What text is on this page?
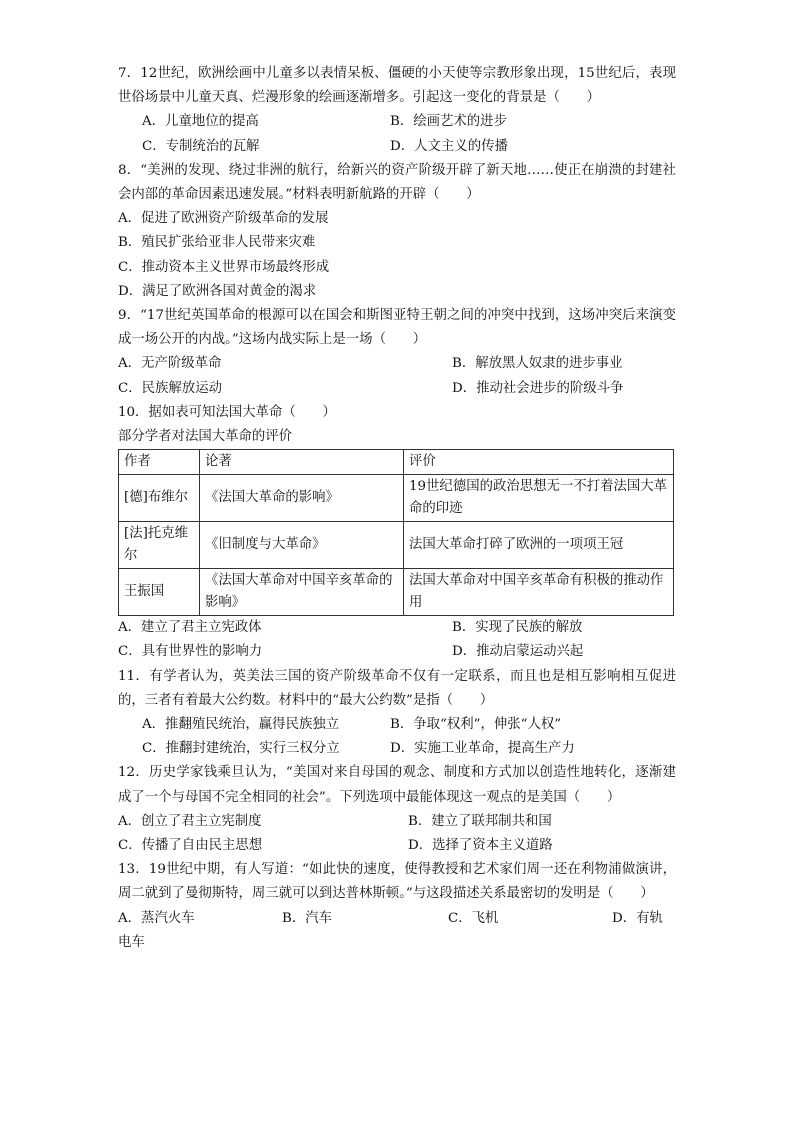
7．12世纪，欧洲绘画中儿童多以表情呆板、僵硬的小天使等宗教形象出现，15世纪后，表现世俗场景中儿童天真、烂漫形象的绘画逐渐增多。引起这一变化的背景是（　　）

A．儿童地位的提高	B．绘画艺术的进步
C．专制统治的瓦解	D．人文主义的传播

8．“美洲的发现、绕过非洲的航行，给新兴的资产阶级开辟了新天地……使正在崩溃的封建社会内部的革命因素迅速发展。”材料表明新航路的开辟（　　）

A．促进了欧洲资产阶级革命的发展

B．殖民扩张给亚非人民带来灾难

C．推动资本主义世界市场最终形成

D．满足了欧洲各国对黄金的渴求

9．“17世纪英国革命的根源可以在国会和斯图亚特王朝之间的冲突中找到，这场冲突后来演变成一场公开的内战。”这场内战实际上是一场（　　）

A．无产阶级革命	B．解放黑人奴隶的进步事业
C．民族解放运动	D．推动社会进步的阶级斗争

10．据如表可知法国大革命（　　）

部分学者对法国大革命的评价

作者	论著	评价
[德]布维尔	《法国大革命的影响》	19世纪德国的政治思想无一不打着法国大革命的印迹
[法]托克维尔	《旧制度与大革命》	法国大革命打碎了欧洲的一项项王冠
王振国	《法国大革命对中国辛亥革命的影响》	法国大革命对中国辛亥革命有积极的推动作用
A．建立了君主立宪政体	B．实现了民族的解放
C．具有世界性的影响力	D．推动启蒙运动兴起

11．有学者认为，英美法三国的资产阶级革命不仅有一定联系，而且也是相互影响相互促进的，三者有着最大公约数。材料中的“最大公约数”是指（　　）

A．推翻殖民统治，赢得民族独立	B．争取“权利”，伸张“人权”
C．推翻封建统治，实行三权分立	D．实施工业革命，提高生产力

12．历史学家钱乘旦认为，“美国对来自母国的观念、制度和方式加以创造性地转化，逐渐建成了一个与母国不完全相同的社会”。下列选项中最能体现这一观点的是美国（　　）

A．创立了君主立宪制度	B．建立了联邦制共和国
C．传播了自由民主思想	D．选择了资本主义道路

13．19世纪中期，有人写道：“如此快的速度，使得教授和艺术家们周一还在利物浦做演讲，周二就到了曼彻斯特，周三就可以到达普林斯顿。”与这段描述关系最密切的发明是（　　）

A．蒸汽火车	B．汽车	C．飞机	D．有轨

电车
